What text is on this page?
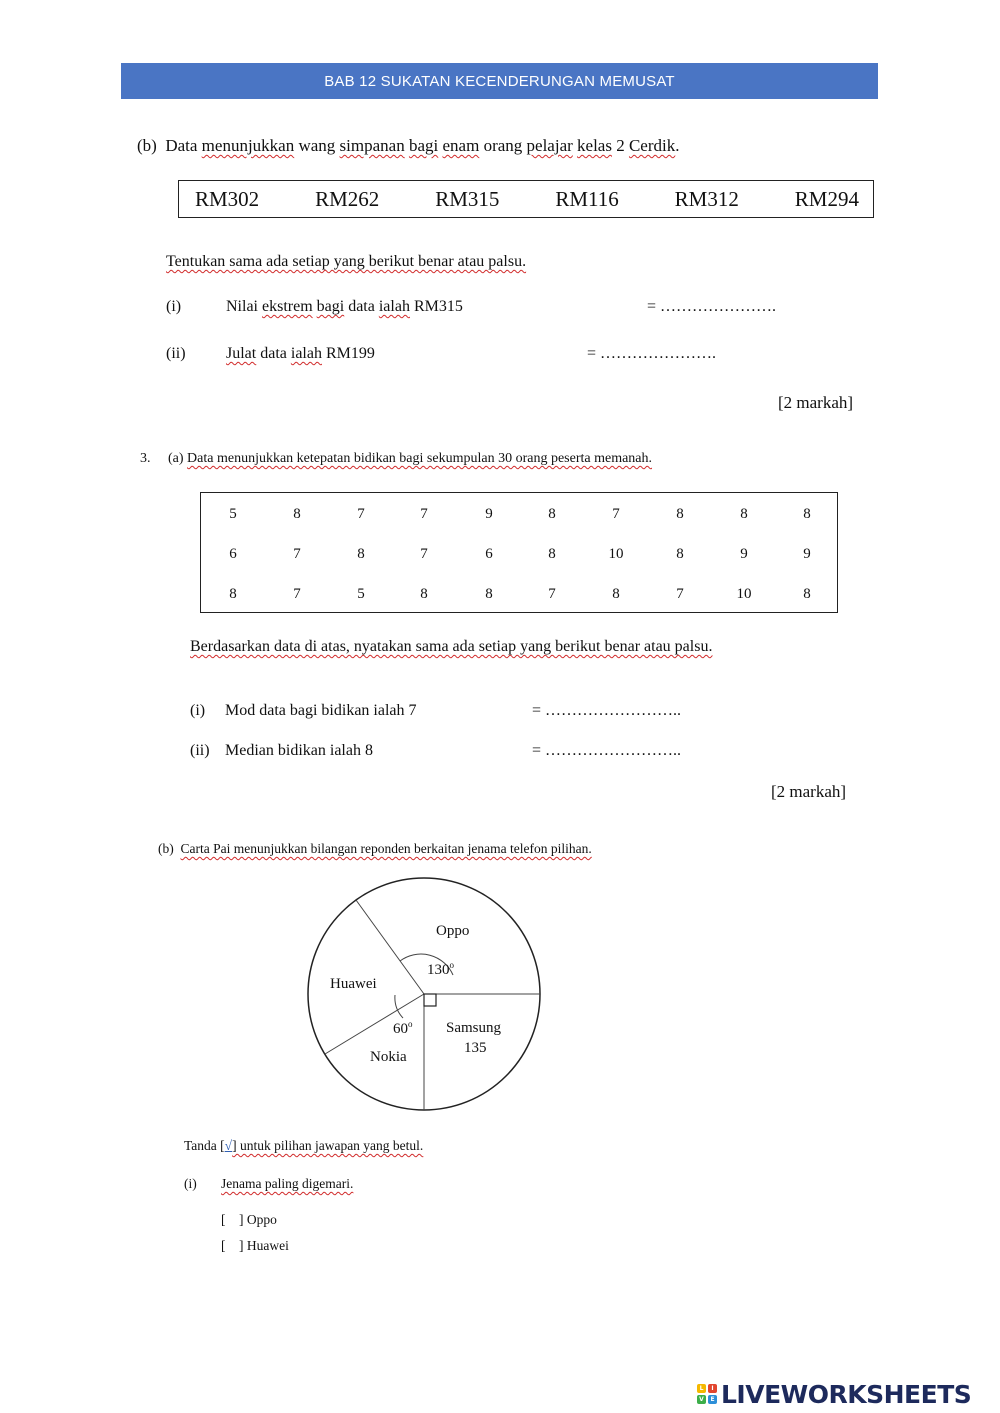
BAB 12 SUKATAN KECENDERUNGAN MEMUSAT
(b) Data menunjukkan wang simpanan bagi enam orang pelajar kelas 2 Cerdik.
RM302	RM262	RM315	RM116	RM312	RM294
Tentukan sama ada setiap yang berikut benar atau palsu.
(i)	Nilai ekstrem bagi data ialah RM315	= ………………….
(ii)	Julat data ialah RM199	= ………………….
[2 markah]
3. (a) Data menunjukkan ketepatan bidikan bagi sekumpulan 30 orang peserta memanah.
5	8	7	7	9	8	7	8	8	8
6	7	8	7	6	8	10	8	9	9
8	7	5	8	8	7	8	7	10	8
Berdasarkan data di atas, nyatakan sama ada setiap yang berikut benar atau palsu.
(i) Mod data bagi bidikan ialah 7	= ……………………..
(ii) Median bidikan ialah 8	= ……………………..
[2 markah]
(b) Carta Pai menunjukkan bilangan reponden berkaitan jenama telefon pilihan.
Oppo
130$^o$
Huawei
60$^o$
Nokia
Samsung
135
Tanda [√] untuk pilihan jawapan yang betul.
(i) Jenama paling digemari.
[    ] Oppo
[    ] Huawei
L	I
V	E LIVEWORKSHEETS
